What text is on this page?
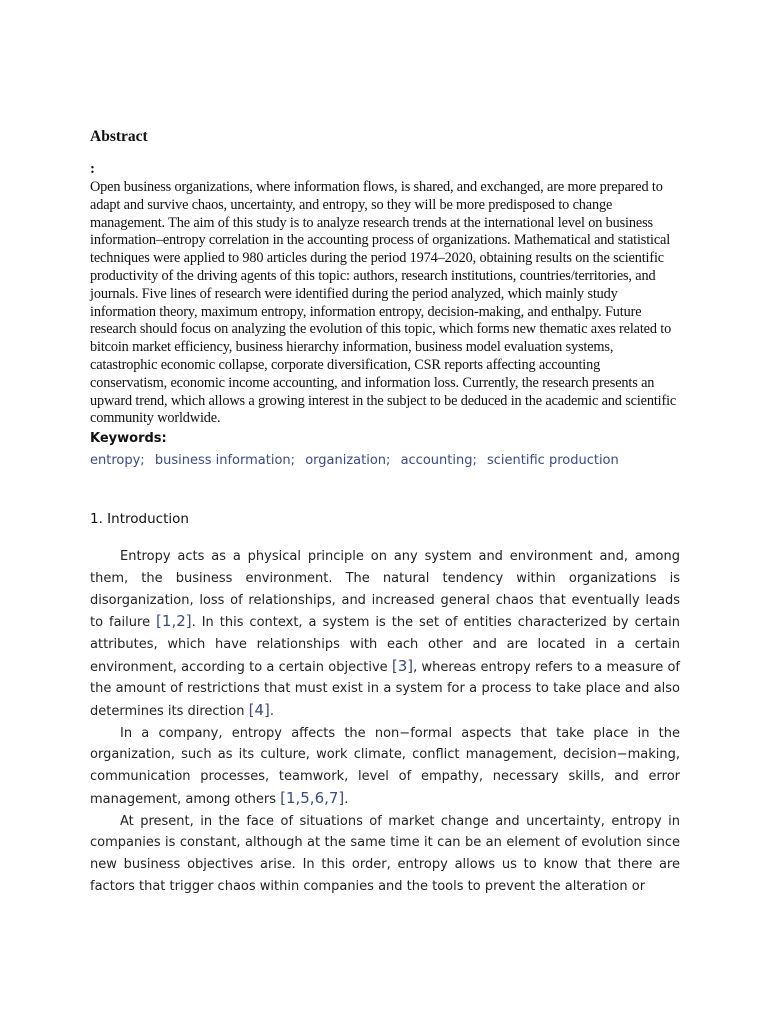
Abstract
:
Open business organizations, where information flows, is shared, and exchanged, are more prepared to adapt and survive chaos, uncertainty, and entropy, so they will be more predisposed to change management. The aim of this study is to analyze research trends at the international level on business information–entropy correlation in the accounting process of organizations. Mathematical and statistical techniques were applied to 980 articles during the period 1974–2020, obtaining results on the scientific productivity of the driving agents of this topic: authors, research institutions, countries/territories, and journals. Five lines of research were identified during the period analyzed, which mainly study information theory, maximum entropy, information entropy, decision-making, and enthalpy. Future research should focus on analyzing the evolution of this topic, which forms new thematic axes related to bitcoin market efficiency, business hierarchy information, business model evaluation systems, catastrophic economic collapse, corporate diversification, CSR reports affecting accounting conservatism, economic income accounting, and information loss. Currently, the research presents an upward trend, which allows a growing interest in the subject to be deduced in the academic and scientific community worldwide.
Keywords:
entropy; business information; organization; accounting; scientific production
1. Introduction

Entropy acts as a physical principle on any system and environment and, among them, the business environment. The natural tendency within organizations is disorganization, loss of relationships, and increased general chaos that eventually leads to failure [1,2]. In this context, a system is the set of entities characterized by certain attributes, which have relationships with each other and are located in a certain environment, according to a certain objective [3], whereas entropy refers to a measure of the amount of restrictions that must exist in a system for a process to take place and also determines its direction [4].

In a company, entropy affects the non−formal aspects that take place in the organization, such as its culture, work climate, conflict management, decision−making, communication processes, teamwork, level of empathy, necessary skills, and error management, among others [1,5,6,7].

At present, in the face of situations of market change and uncertainty, entropy in companies is constant, although at the same time it can be an element of evolution since new business objectives arise. In this order, entropy allows us to know that there are factors that trigger chaos within companies and the tools to prevent the alteration or
